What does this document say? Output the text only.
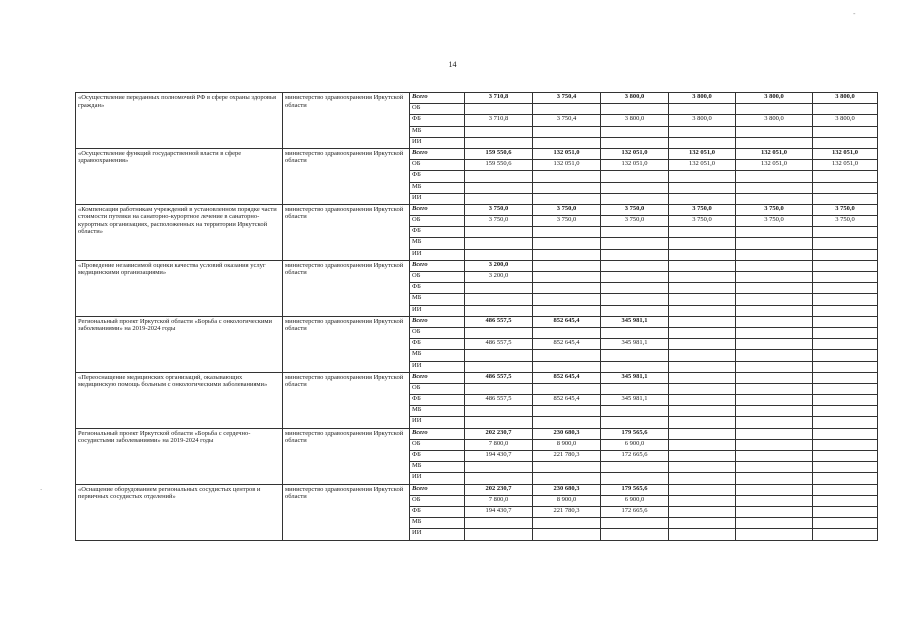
14
-
·
«Осуществление переданных полномочий РФ в сфере охраны здоровья граждан»	министерство здравоохранения Иркутской области	Всего	3 710,8	3 750,4	3 800,0	3 800,0	3 800,0	3 800,0
		ОБ						
		ФБ	3 710,8	3 750,4	3 800,0	3 800,0	3 800,0	3 800,0
		МБ						
		ИИ						
«Осуществление функций государственной власти в сфере здравоохранения»	министерство здравоохранения Иркутской области	Всего	159 550,6	132 051,0	132 051,0	132 051,0	132 051,0	132 051,0
		ОБ	159 550,6	132 051,0	132 051,0	132 051,0	132 051,0	132 051,0
		ФБ						
		МБ						
		ИИ						
«Компенсация работникам учреждений в установленном порядке части стоимости путевки на санаторно-курортное лечение в санаторно-курортных организациях, расположенных на территории Иркутской области»	министерство здравоохранения Иркутской области	Всего	3 750,0	3 750,0	3 750,0	3 750,0	3 750,0	3 750,0
		ОБ	3 750,0	3 750,0	3 750,0	3 750,0	3 750,0	3 750,0
		ФБ						
		МБ						
		ИИ						
«Проведение независимой оценки качества условий оказания услуг медицинскими организациями»	министерство здравоохранения Иркутской области	Всего	3 200,0					
		ОБ	3 200,0					
		ФБ						
		МБ						
		ИИ						
Региональный проект Иркутской области «Борьба с онкологическими заболеваниями» на 2019-2024 годы	министерство здравоохранения Иркутской области	Всего	486 557,5	852 645,4	345 981,1			
		ОБ						
		ФБ	486 557,5	852 645,4	345 981,1			
		МБ						
		ИИ						
«Переоснащение медицинских организаций, оказывающих медицинскую помощь больным с онкологическими заболеваниями»	министерство здравоохранения Иркутской области	Всего	486 557,5	852 645,4	345 981,1			
		ОБ						
		ФБ	486 557,5	852 645,4	345 981,1			
		МБ						
		ИИ						
Региональный проект Иркутской области «Борьба с сердечно-сосудистыми заболеваниями» на 2019-2024 годы	министерство здравоохранения Иркутской области	Всего	202 230,7	230 680,3	179 565,6			
		ОБ	7 800,0	8 900,0	6 900,0			
		ФБ	194 430,7	221 780,3	172 665,6			
		МБ						
		ИИ						
«Оснащение оборудованием региональных сосудистых центров и первичных сосудистых отделений»	министерство здравоохранения Иркутской области	Всего	202 230,7	230 680,3	179 565,6			
		ОБ	7 800,0	8 900,0	6 900,0			
		ФБ	194 430,7	221 780,3	172 665,6			
		МБ						
		ИИ						
